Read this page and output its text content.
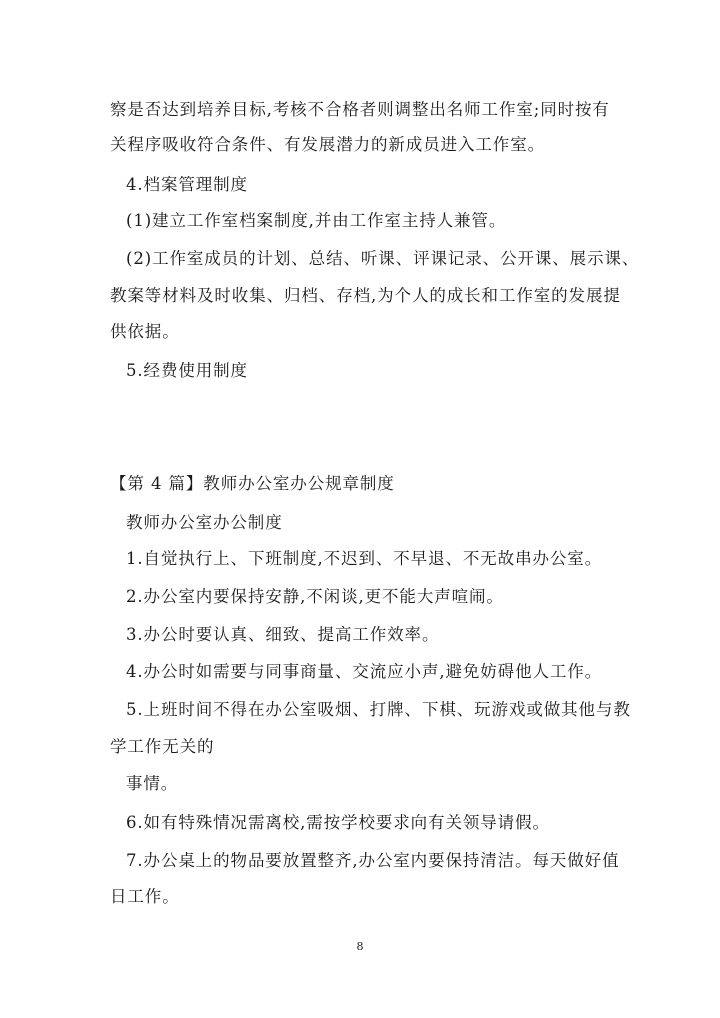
察是否达到培养目标,考核不合格者则调整出名师工作室;同时按有
关程序吸收符合条件、有发展潜力的新成员进入工作室。
4.档案管理制度
(1)建立工作室档案制度,并由工作室主持人兼管。
(2)工作室成员的计划、总结、听课、评课记录、公开课、展示课、
教案等材料及时收集、归档、存档,为个人的成长和工作室的发展提
供依据。
5.经费使用制度
【第 4 篇】教师办公室办公规章制度
教师办公室办公制度
1.自觉执行上、下班制度,不迟到、不早退、不无故串办公室。
2.办公室内要保持安静,不闲谈,更不能大声喧闹。
3.办公时要认真、细致、提高工作效率。
4.办公时如需要与同事商量、交流应小声,避免妨碍他人工作。
5.上班时间不得在办公室吸烟、打牌、下棋、玩游戏或做其他与教
学工作无关的
事情。
6.如有特殊情况需离校,需按学校要求向有关领导请假。
7.办公桌上的物品要放置整齐,办公室内要保持清洁。每天做好值
日工作。
8
